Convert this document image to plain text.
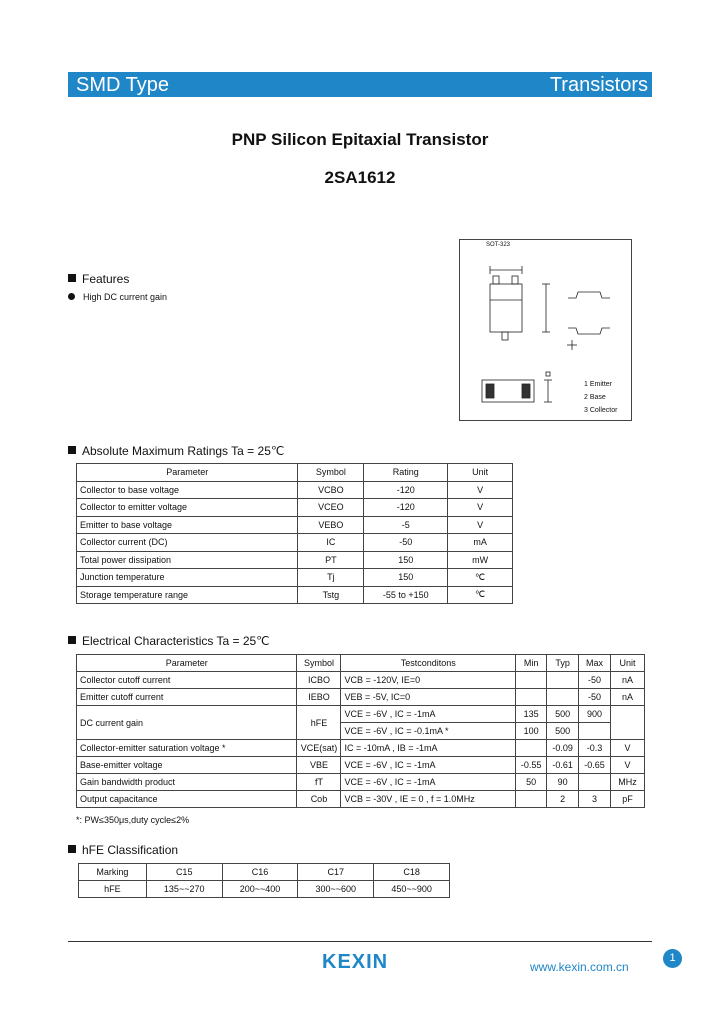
SMD Type	Transistors
PNP Silicon Epitaxial Transistor
2SA1612
Features
High DC current gain
SOT-323
1 Emitter
2 Base
3 Collector
Absolute Maximum Ratings Ta = 25℃
Parameter	Symbol	Rating	Unit
Collector to base voltage	VCBO	-120	V
Collector to emitter voltage	VCEO	-120	V
Emitter to base voltage	VEBO	-5	V
Collector current (DC)	IC	-50	mA
Total power dissipation	PT	150	mW
Junction temperature	Tj	150	℃
Storage temperature range	Tstg	-55 to +150	℃
Electrical Characteristics Ta = 25℃
Parameter	Symbol	Testconditons	Min	Typ	Max	Unit
Collector cutoff current	ICBO	VCB = -120V, IE=0			-50	nA
Emitter cutoff current	IEBO	VEB = -5V, IC=0			-50	nA
DC current gain	hFE	VCE = -6V , IC = -1mA	135	500	900	
		VCE = -6V , IC = -0.1mA *	100	500		
Collector-emitter saturation voltage *	VCE(sat)	IC = -10mA , IB = -1mA		-0.09	-0.3	V
Base-emitter voltage	VBE	VCE = -6V , IC = -1mA	-0.55	-0.61	-0.65	V
Gain bandwidth product	fT	VCE = -6V , IC = -1mA	50	90		MHz
Output capacitance	Cob	VCB = -30V , IE = 0 , f = 1.0MHz		2	3	pF
*: PW≤350μs,duty cycle≤2%
hFE Classification
Marking	C15	C16	C17	C18
hFE	135~~270	200~~400	300~~600	450~~900
KEXIN	www.kexin.com.cn
1
